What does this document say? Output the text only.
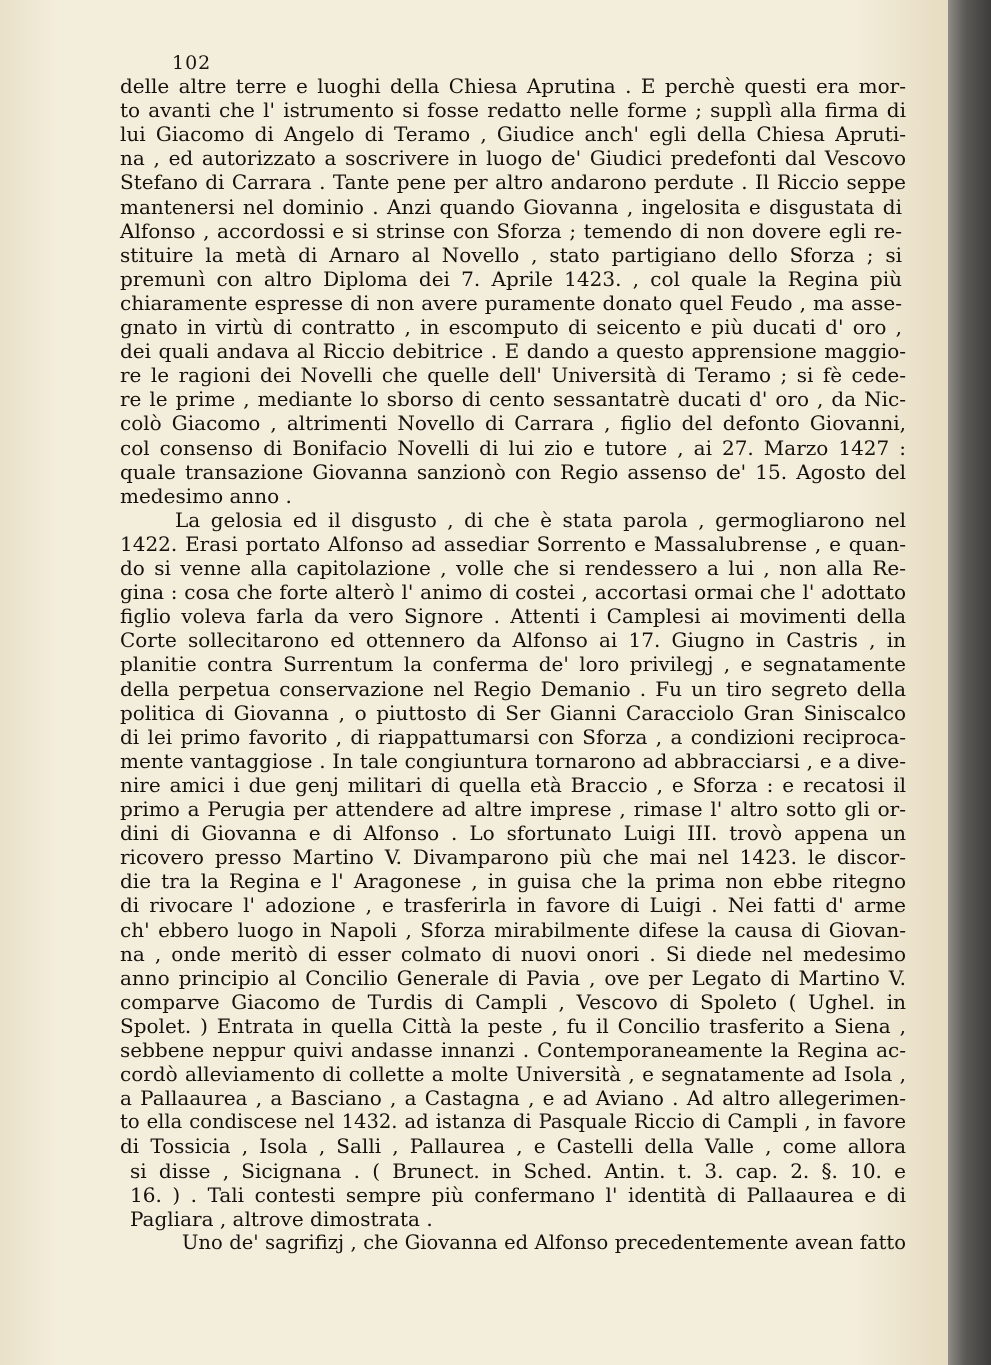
102
delle altre terre e luoghi della Chiesa Aprutina . E perchè questi era mor-
to avanti che l' istrumento si fosse redatto nelle forme ; supplì alla firma di
lui Giacomo di Angelo di Teramo , Giudice anch' egli della Chiesa Apruti-
na , ed autorizzato a soscrivere in luogo de' Giudici predefonti dal Vescovo
Stefano di Carrara . Tante pene per altro andarono perdute . Il Riccio seppe
mantenersi nel dominio . Anzi quando Giovanna , ingelosita e disgustata di
Alfonso , accordossi e si strinse con Sforza ; temendo di non dovere egli re-
stituire la metà di Arnaro al Novello , stato partigiano dello Sforza ; si
premunì con altro Diploma dei 7. Aprile 1423. , col quale la Regina più
chiaramente espresse di non avere puramente donato quel Feudo , ma asse-
gnato in virtù di contratto , in escomputo di seicento e più ducati d' oro ,
dei quali andava al Riccio debitrice . E dando a questo apprensione maggio-
re le ragioni dei Novelli che quelle dell' Università di Teramo ; si fè cede-
re le prime , mediante lo sborso di cento sessantatrè ducati d' oro , da Nic-
colò Giacomo , altrimenti Novello di Carrara , figlio del defonto Giovanni,
col consenso di Bonifacio Novelli di lui zio e tutore , ai 27. Marzo 1427 :
quale transazione Giovanna sanzionò con Regio assenso de' 15. Agosto del
medesimo anno .
La gelosia ed il disgusto , di che è stata parola , germogliarono nel
1422. Erasi portato Alfonso ad assediar Sorrento e Massalubrense , e quan-
do si venne alla capitolazione , volle che si rendessero a lui , non alla Re-
gina : cosa che forte alterò l' animo di costei , accortasi ormai che l' adottato
figlio voleva farla da vero Signore . Attenti i Camplesi ai movimenti della
Corte sollecitarono ed ottennero da Alfonso ai 17. Giugno in Castris , in
planitie contra Surrentum la conferma de' loro privilegj , e segnatamente
della perpetua conservazione nel Regio Demanio . Fu un tiro segreto della
politica di Giovanna , o piuttosto di Ser Gianni Caracciolo Gran Siniscalco
di lei primo favorito , di riappattumarsi con Sforza , a condizioni reciproca-
mente vantaggiose . In tale congiuntura tornarono ad abbracciarsi , e a dive-
nire amici i due genj militari di quella età Braccio , e Sforza : e recatosi il
primo a Perugia per attendere ad altre imprese , rimase l' altro sotto gli or-
dini di Giovanna e di Alfonso . Lo sfortunato Luigi III. trovò appena un
ricovero presso Martino V. Divamparono più che mai nel 1423. le discor-
die tra la Regina e l' Aragonese , in guisa che la prima non ebbe ritegno
di rivocare l' adozione , e trasferirla in favore di Luigi . Nei fatti d' arme
ch' ebbero luogo in Napoli , Sforza mirabilmente difese la causa di Giovan-
na , onde meritò di esser colmato di nuovi onori . Si diede nel medesimo
anno principio al Concilio Generale di Pavia , ove per Legato di Martino V.
comparve Giacomo de Turdis di Campli , Vescovo di Spoleto ( Ughel. in
Spolet. ) Entrata in quella Città la peste , fu il Concilio trasferito a Siena ,
sebbene neppur quivi andasse innanzi . Contemporaneamente la Regina ac-
cordò alleviamento di collette a molte Università , e segnatamente ad Isola ,
a Pallaaurea , a Basciano , a Castagna , e ad Aviano . Ad altro allegerimen-
to ella condiscese nel 1432. ad istanza di Pasquale Riccio di Campli , in favore
di Tossicia , Isola , Salli , Pallaurea , e Castelli della Valle , come allora
si disse , Sicignana . ( Brunect. in Sched. Antin. t. 3. cap. 2. §. 10. e
16. ) . Tali contesti sempre più confermano l' identità di Pallaaurea e di
Pagliara , altrove dimostrata .
Uno de' sagrifizj , che Giovanna ed Alfonso precedentemente avean fatto
